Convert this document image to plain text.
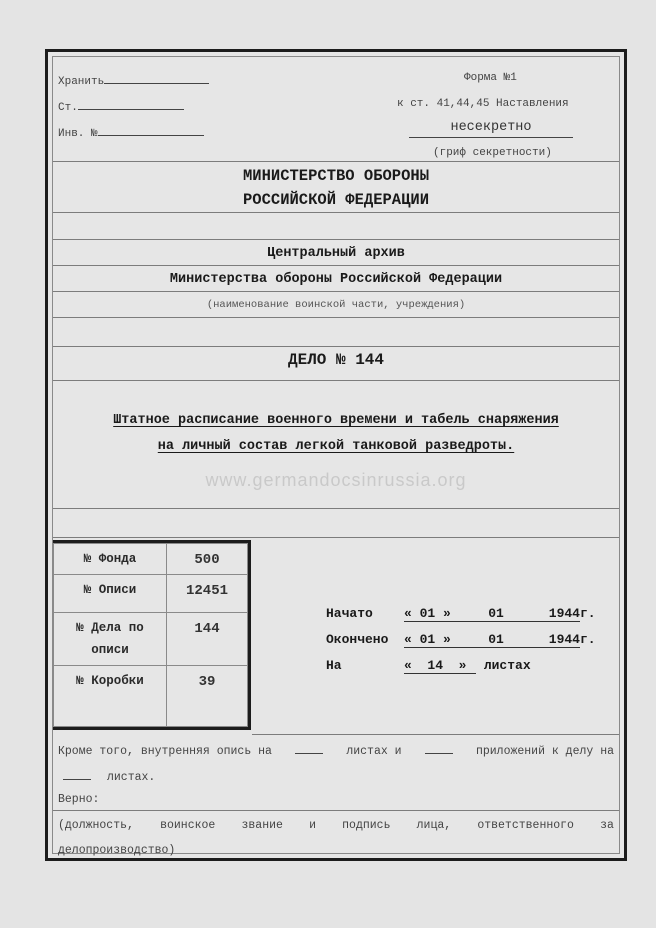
Хранить
Ст.
Инв. №
Форма №1
к ст. 41,44,45 Наставления
несекретно
(гриф секретности)
МИНИСТЕРСТВО ОБОРОНЫ
РОССИЙСКОЙ ФЕДЕРАЦИИ
Центральный архив
Министерства обороны Российской Федерации
(наименование воинской части, учреждения)
ДЕЛО № 144
Штатное расписание военного времени и табель снаряжения
на личный состав легкой танковой разведроты.
№ Фонда	500
№ Описи	12451

№ Дела по
описи	144
№ Коробки	39
Начато « 01 »	01	1944г.
Окончено « 01 »	01	1944г.
На	«  14  » листах
Кроме того, внутренняя опись на	листах и	приложений к делу на
листах.
Верно:
(должность, воинское звание и подпись лица, ответственного за
делопроизводство)
www.germandocsinrussia.org
